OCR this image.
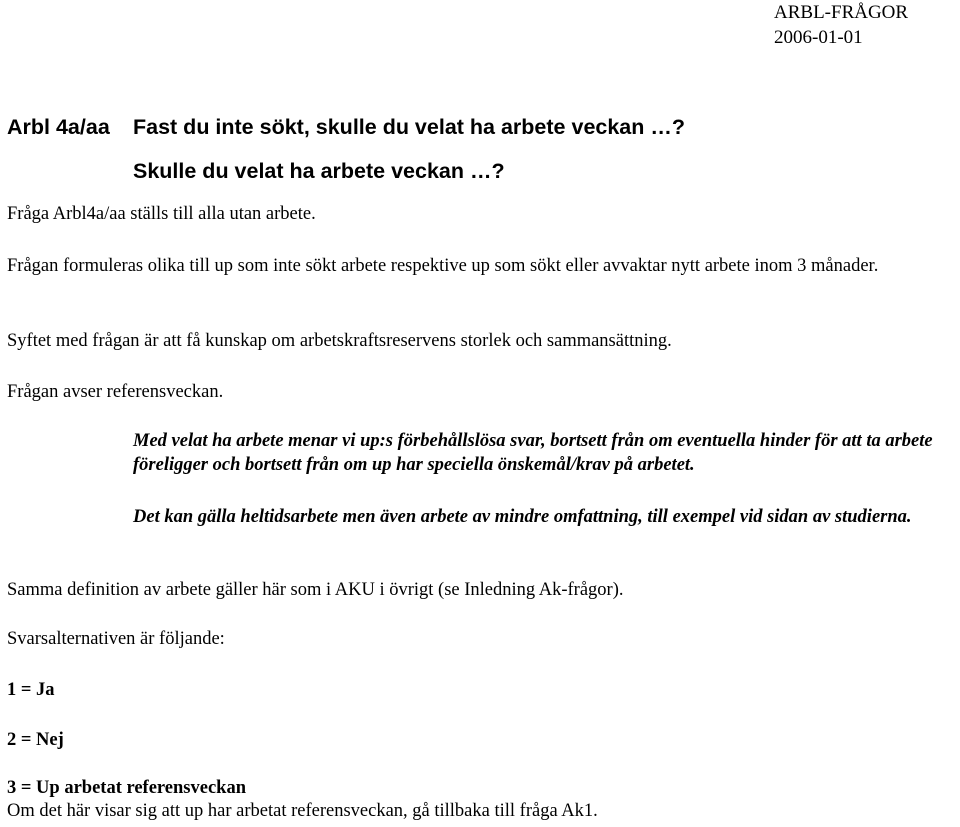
ARBL-FRÅGOR
2006-01-01
Arbl 4a/aa Fast du inte sökt, skulle du velat ha arbete veckan …?
Skulle du velat ha arbete veckan …?
Fråga Arbl4a/aa ställs till alla utan arbete.
Frågan formuleras olika till up som inte sökt arbete respektive up som sökt eller avvaktar nytt arbete inom 3 månader.
Syftet med frågan är att få kunskap om arbetskraftsreservens storlek och sammansättning.
Frågan avser referensveckan.
Med velat ha arbete menar vi up:s förbehållslösa svar, bortsett från om eventuella hinder för att ta arbete föreligger och bortsett från om up har speciella önskemål/krav på arbetet.
Det kan gälla heltidsarbete men även arbete av mindre omfattning, till exempel vid sidan av studierna.
Samma definition av arbete gäller här som i AKU i övrigt (se Inledning Ak-frågor).
Svarsalternativen är följande:
1 = Ja
2 = Nej
3 = Up arbetat referensveckan
Om det här visar sig att up har arbetat referensveckan, gå tillbaka till fråga Ak1.
